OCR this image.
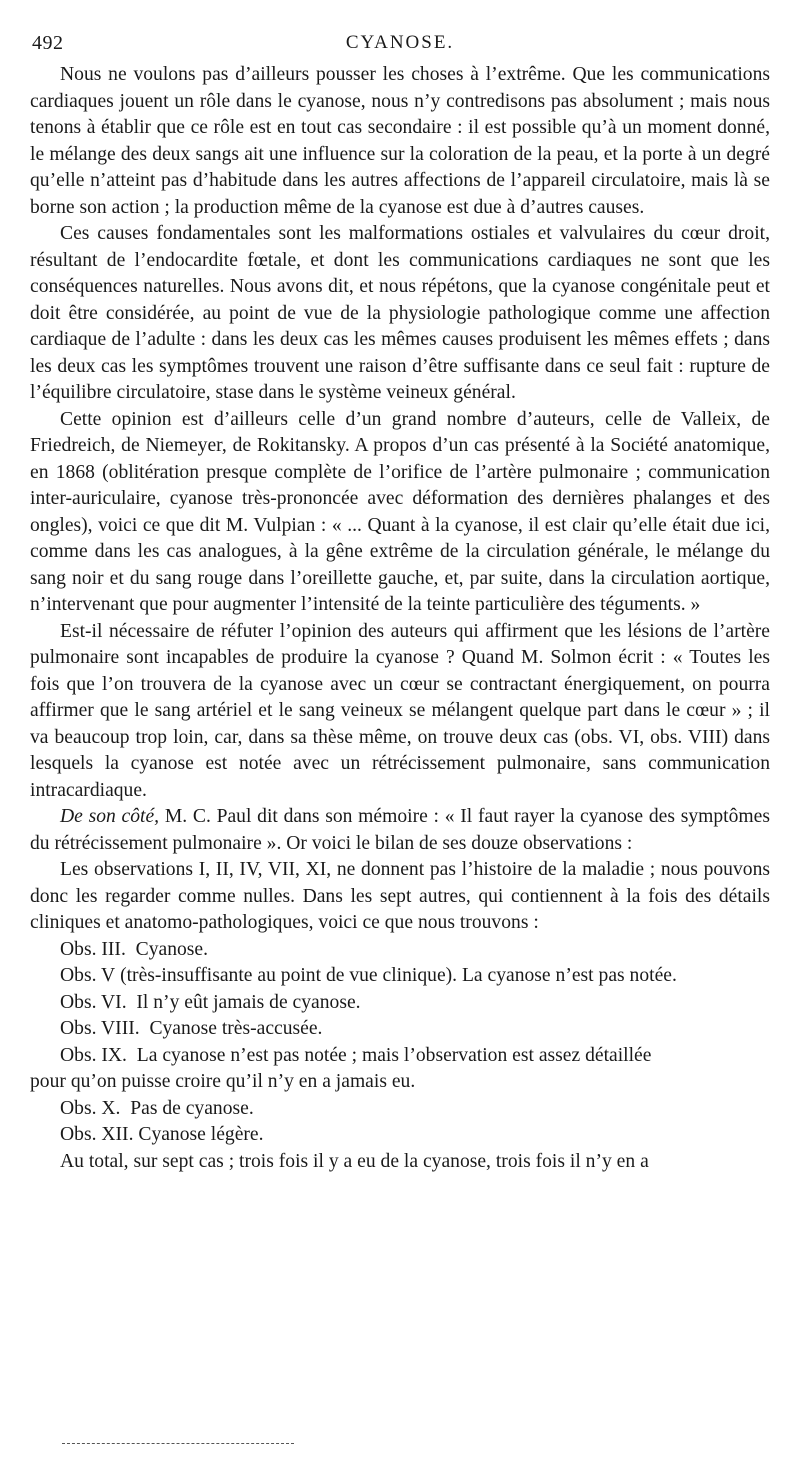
492	CYANOSE.

Nous ne voulons pas d’ailleurs pousser les choses à l’extrême. Que les communications cardiaques jouent un rôle dans le cyanose, nous n’y contredisons pas absolument ; mais nous tenons à établir que ce rôle est en tout cas secondaire : il est possible qu’à un moment donné, le mélange des deux sangs ait une influence sur la coloration de la peau, et la porte à un degré qu’elle n’atteint pas d’habitude dans les autres affections de l’appareil circulatoire, mais là se borne son action ; la production même de la cyanose est due à d’autres causes.

Ces causes fondamentales sont les malformations ostiales et valvulaires du cœur droit, résultant de l’endocardite fœtale, et dont les communications cardiaques ne sont que les conséquences naturelles. Nous avons dit, et nous répétons, que la cyanose congénitale peut et doit être considérée, au point de vue de la physiologie pathologique comme une affection cardiaque de l’adulte : dans les deux cas les mêmes causes produisent les mêmes effets ; dans les deux cas les symptômes trouvent une raison d’être suffisante dans ce seul fait : rupture de l’équilibre circulatoire, stase dans le système veineux général.

Cette opinion est d’ailleurs celle d’un grand nombre d’auteurs, celle de Valleix, de Friedreich, de Niemeyer, de Rokitansky. A propos d’un cas présenté à la Société anatomique, en 1868 (oblitération presque complète de l’orifice de l’artère pulmonaire ; communication inter-auriculaire, cyanose très-prononcée avec déformation des dernières phalanges et des ongles), voici ce que dit M. Vulpian : « ... Quant à la cyanose, il est clair qu’elle était due ici, comme dans les cas analogues, à la gêne extrême de la circulation générale, le mélange du sang noir et du sang rouge dans l’oreillette gauche, et, par suite, dans la circulation aortique, n’intervenant que pour augmenter l’intensité de la teinte particulière des téguments. »

Est-il nécessaire de réfuter l’opinion des auteurs qui affirment que les lésions de l’artère pulmonaire sont incapables de produire la cyanose ? Quand M. Solmon écrit : « Toutes les fois que l’on trouvera de la cyanose avec un cœur se contractant énergiquement, on pourra affirmer que le sang artériel et le sang veineux se mélangent quelque part dans le cœur » ; il va beaucoup trop loin, car, dans sa thèse même, on trouve deux cas (obs. VI, obs. VIII) dans lesquels la cyanose est notée avec un rétrécissement pulmonaire, sans communication intracardiaque.

De son côté, M. C. Paul dit dans son mémoire : « Il faut rayer la cyanose des symptômes du rétrécissement pulmonaire ». Or voici le bilan de ses douze observations :

Les observations I, II, IV, VII, XI, ne donnent pas l’histoire de la maladie ; nous pouvons donc les regarder comme nulles. Dans les sept autres, qui contiennent à la fois des détails cliniques et anatomo-pathologiques, voici ce que nous trouvons :

Obs. III. Cyanose.
Obs. V (très-insuffisante au point de vue clinique). La cyanose n’est pas notée.
Obs. VI. Il n’y eût jamais de cyanose.
Obs. VIII. Cyanose très-accusée.
Obs. IX. La cyanose n’est pas notée ; mais l’observation est assez détaillée
pour qu’on puisse croire qu’il n’y en a jamais eu.
Obs. X. Pas de cyanose.
Obs. XII. Cyanose légère.

Au total, sur sept cas ; trois fois il y a eu de la cyanose, trois fois il n’y en a
